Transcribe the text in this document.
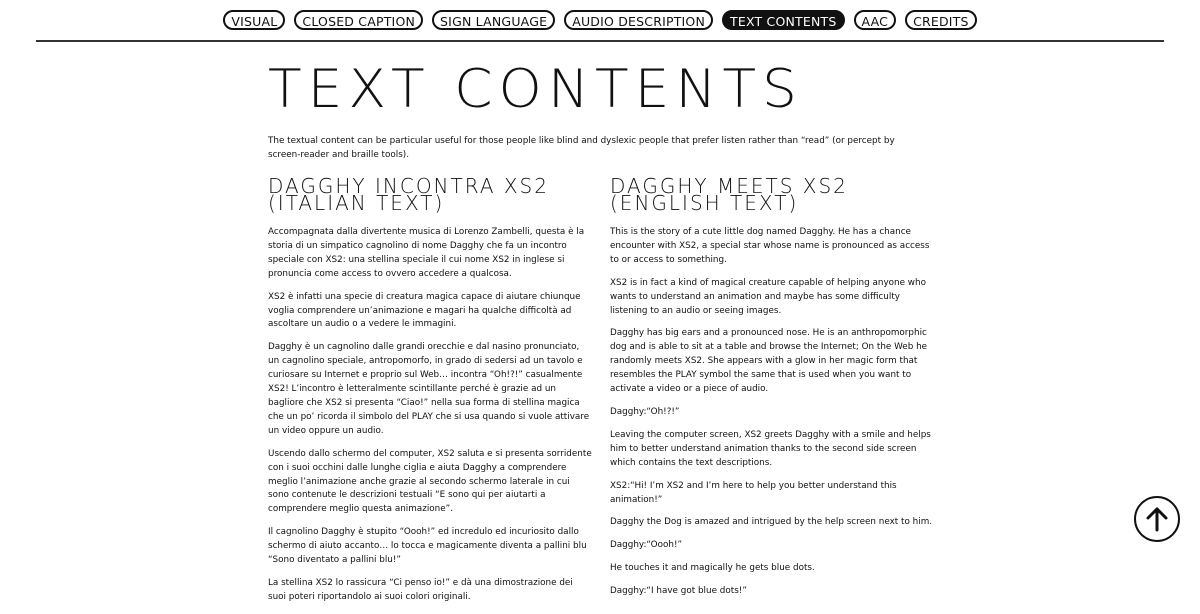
VISUAL	CLOSED CAPTION	SIGN LANGUAGE	AUDIO DESCRIPTION	TEXT CONTENTS	AAC	CREDITS
TEXT CONTENTS

The textual content can be particular useful for those people like blind and dyslexic people that prefer listen rather than “read” (or percept by screen-reader and braille tools).

DAGGHY INCONTRA XS2
(ITALIAN TEXT)

Accompagnata dalla divertente musica di Lorenzo Zambelli, questa è la storia di un simpatico cagnolino di nome Dagghy che fa un incontro speciale con XS2: una stellina speciale il cui nome XS2 in inglese si pronuncia come access to ovvero accedere a qualcosa.

XS2 è infatti una specie di creatura magica capace di aiutare chiunque voglia comprendere un’animazione e magari ha qualche difficoltà ad ascoltare un audio o a vedere le immagini.

Dagghy è un cagnolino dalle grandi orecchie e dal nasino pronunciato, un cagnolino speciale, antropomorfo, in grado di sedersi ad un tavolo e curiosare su Internet e proprio sul Web… incontra “Oh!?!” casualmente XS2! L’incontro è letteralmente scintillante perché è grazie ad un bagliore che XS2 si presenta “Ciao!” nella sua forma di stellina magica che un po’ ricorda il simbolo del PLAY che si usa quando si vuole attivare un video oppure un audio.

Uscendo dallo schermo del computer, XS2 saluta e si presenta sorridente con i suoi occhini dalle lunghe ciglia e aiuta Dagghy a comprendere meglio l’animazione anche grazie al secondo schermo laterale in cui sono contenute le descrizioni testuali “E sono qui per aiutarti a comprendere meglio questa animazione”.

Il cagnolino Dagghy è stupito “Oooh!” ed incredulo ed incuriosito dallo schermo di aiuto accanto… lo tocca e magicamente diventa a pallini blu “Sono diventato a pallini blu!”

La stellina XS2 lo rassicura “Ci penso io!” e dà una dimostrazione dei suoi poteri riportandolo ai suoi colori originali.

DAGGHY MEETS XS2
(ENGLISH TEXT)

This is the story of a cute little dog named Dagghy. He has a chance encounter with XS2, a special star whose name is pronounced as access to or access to something.

XS2 is in fact a kind of magical creature capable of helping anyone who wants to understand an animation and maybe has some difficulty listening to an audio or seeing images.

Dagghy has big ears and a pronounced nose. He is an anthropomorphic dog and is able to sit at a table and browse the Internet; On the Web he randomly meets XS2. She appears with a glow in her magic form that resembles the PLAY symbol the same that is used when you want to activate a video or a piece of audio.

Dagghy:“Oh!?!”

Leaving the computer screen, XS2 greets Dagghy with a smile and helps him to better understand animation thanks to the second side screen which contains the text descriptions.

XS2:“Hi! I’m XS2 and I’m here to help you better understand this animation!”

Dagghy the Dog is amazed and intrigued by the help screen next to him.

Dagghy:“Oooh!”

He touches it and magically he gets blue dots.

Dagghy:“I have got blue dots!”
